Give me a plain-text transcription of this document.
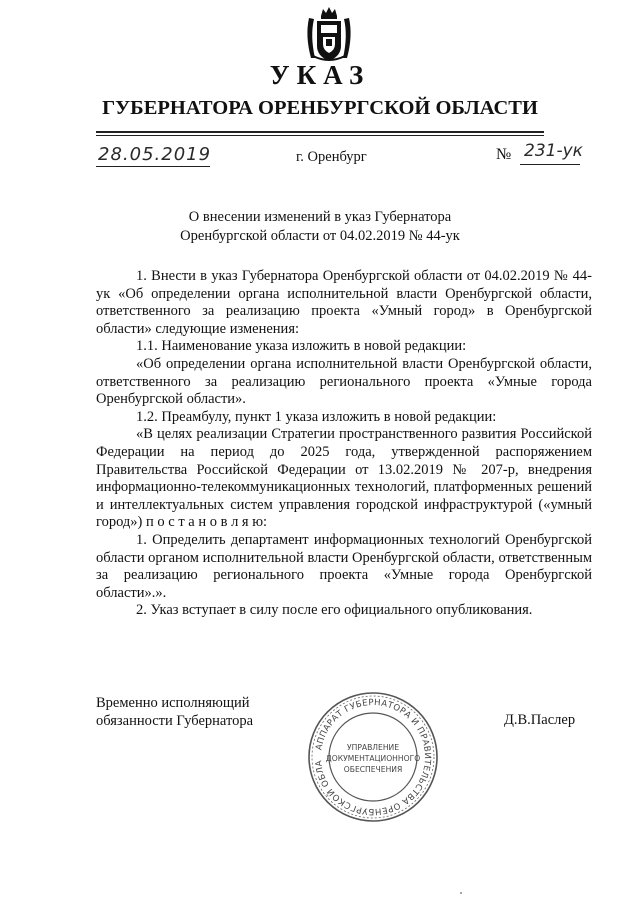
УКАЗ
ГУБЕРНАТОРА ОРЕНБУРГСКОЙ ОБЛАСТИ
28.05.2019	г. Оренбург	№ 231-ук
О внесении изменений в указ Губернатора
Оренбургской области от 04.02.2019 № 44-ук

1. Внести в указ Губернатора Оренбургской области от 04.02.2019 № 44-ук «Об определении органа исполнительной власти Оренбургской области, ответственного за реализацию проекта «Умный город» в Оренбургской области» следующие изменения:

1.1. Наименование указа изложить в новой редакции:

«Об определении органа исполнительной власти Оренбургской области, ответственного за реализацию регионального проекта «Умные города Оренбургской области».

1.2. Преамбулу, пункт 1 указа изложить в новой редакции:

«В целях реализации Стратегии пространственного развития Российской Федерации на период до 2025 года, утвержденной распоряжением Правительства Российской Федерации от 13.02.2019 № 207-р, внедрения информационно-телекоммуникационных технологий, платформенных решений и интеллектуальных систем управления городской инфраструктурой («умный город») п о с т а н о в л я ю:

1. Определить департамент информационных технологий Оренбургской области органом исполнительной власти Оренбургской области, ответственным за реализацию регионального проекта «Умные города Оренбургской области».».

2. Указ вступает в силу после его официального опубликования.

Временно исполняющий
обязанности Губернатора	Д.В.Паслер
АППАРАТ ГУБЕРНАТОРА И ПРАВИТЕЛЬСТВА ОРЕНБУРГСКОЙ ОБЛА
УПРАВЛЕНИЕ
ДОКУМЕНТАЦИОННОГО
ОБЕСПЕЧЕНИЯ
